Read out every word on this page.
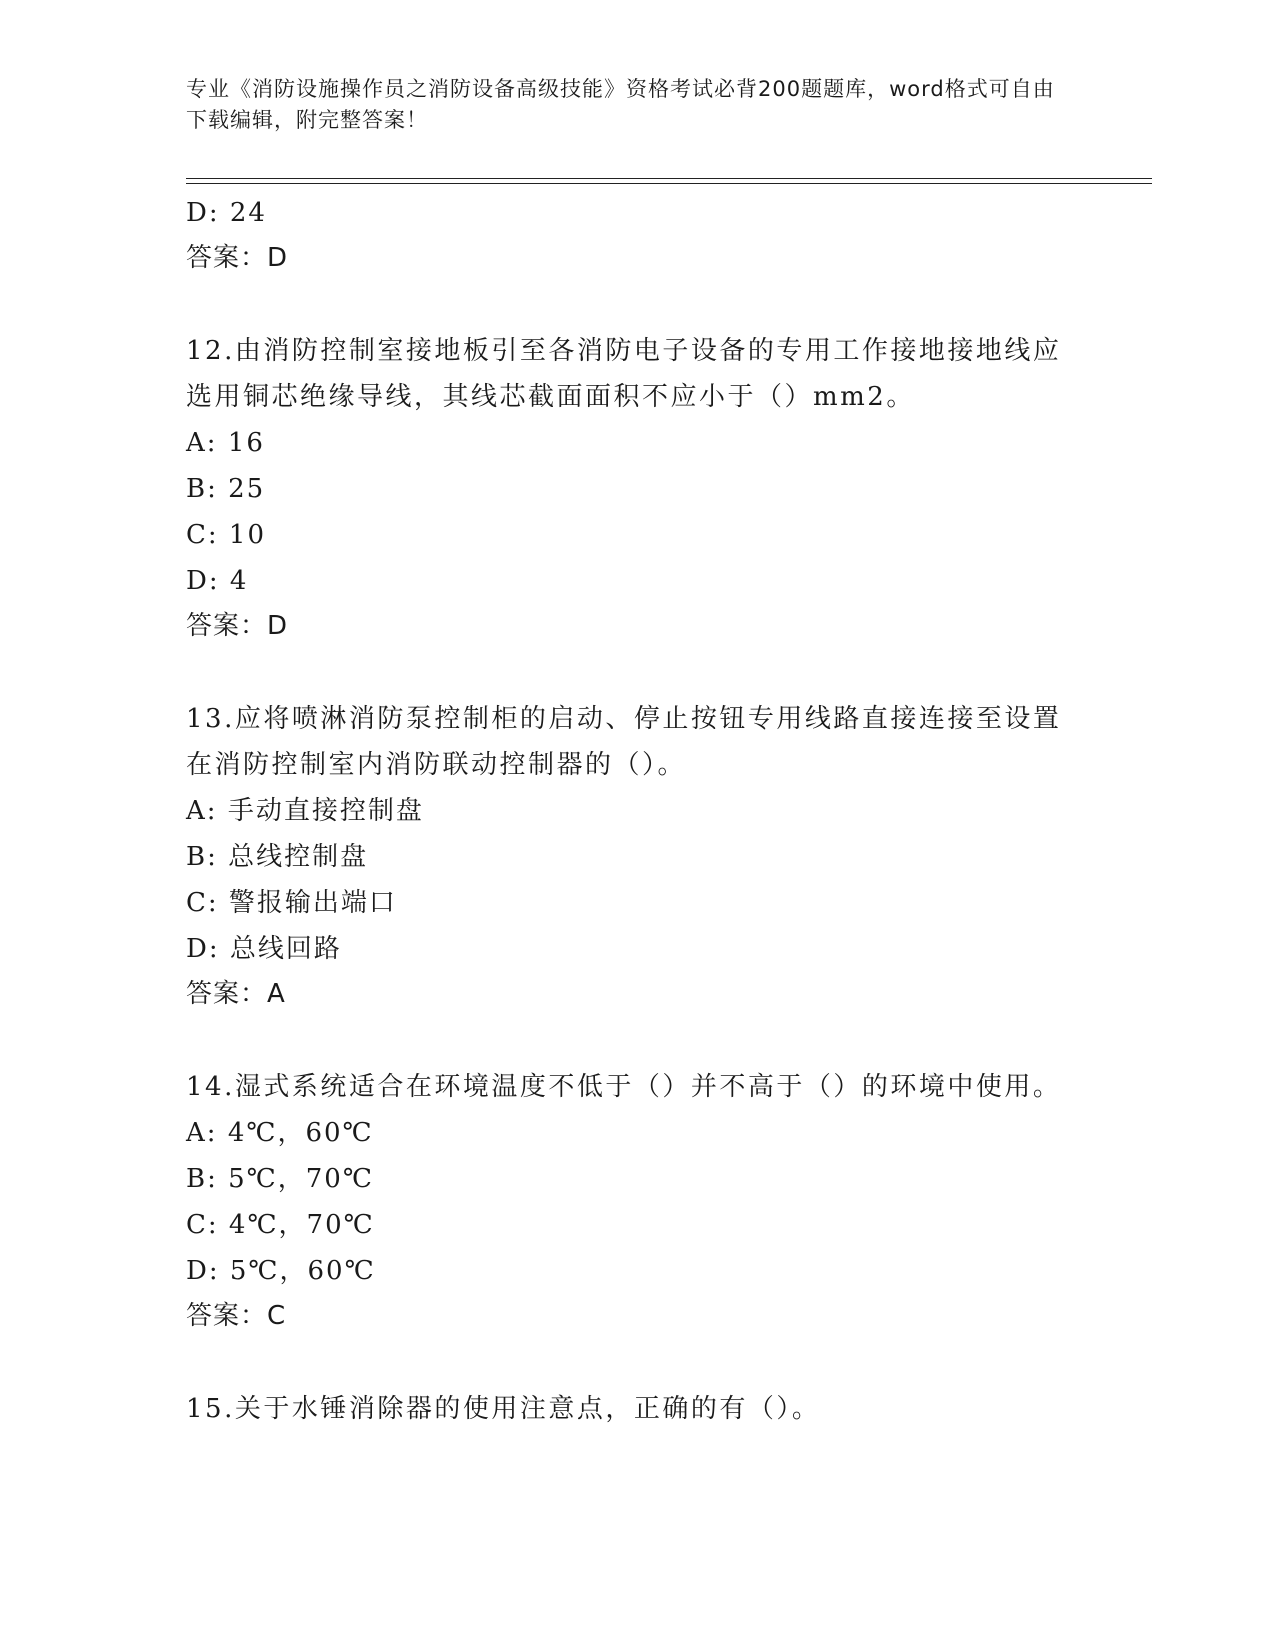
专业《消防设施操作员之消防设备高级技能》资格考试必背200题题库，word格式可自由下载编辑，附完整答案！
D: 24
答案：D
12.由消防控制室接地板引至各消防电子设备的专用工作接地接地线应选用铜芯绝缘导线，其线芯截面面积不应小于（）mm2。
A: 16
B: 25
C: 10
D: 4
答案：D
13.应将喷淋消防泵控制柜的启动、停止按钮专用线路直接连接至设置在消防控制室内消防联动控制器的（）。
A: 手动直接控制盘
B: 总线控制盘
C: 警报输出端口
D: 总线回路
答案：A
14.湿式系统适合在环境温度不低于（）并不高于（）的环境中使用。
A: 4℃，60℃
B: 5℃，70℃
C: 4℃，70℃
D: 5℃，60℃
答案：C
15.关于水锤消除器的使用注意点，正确的有（）。
